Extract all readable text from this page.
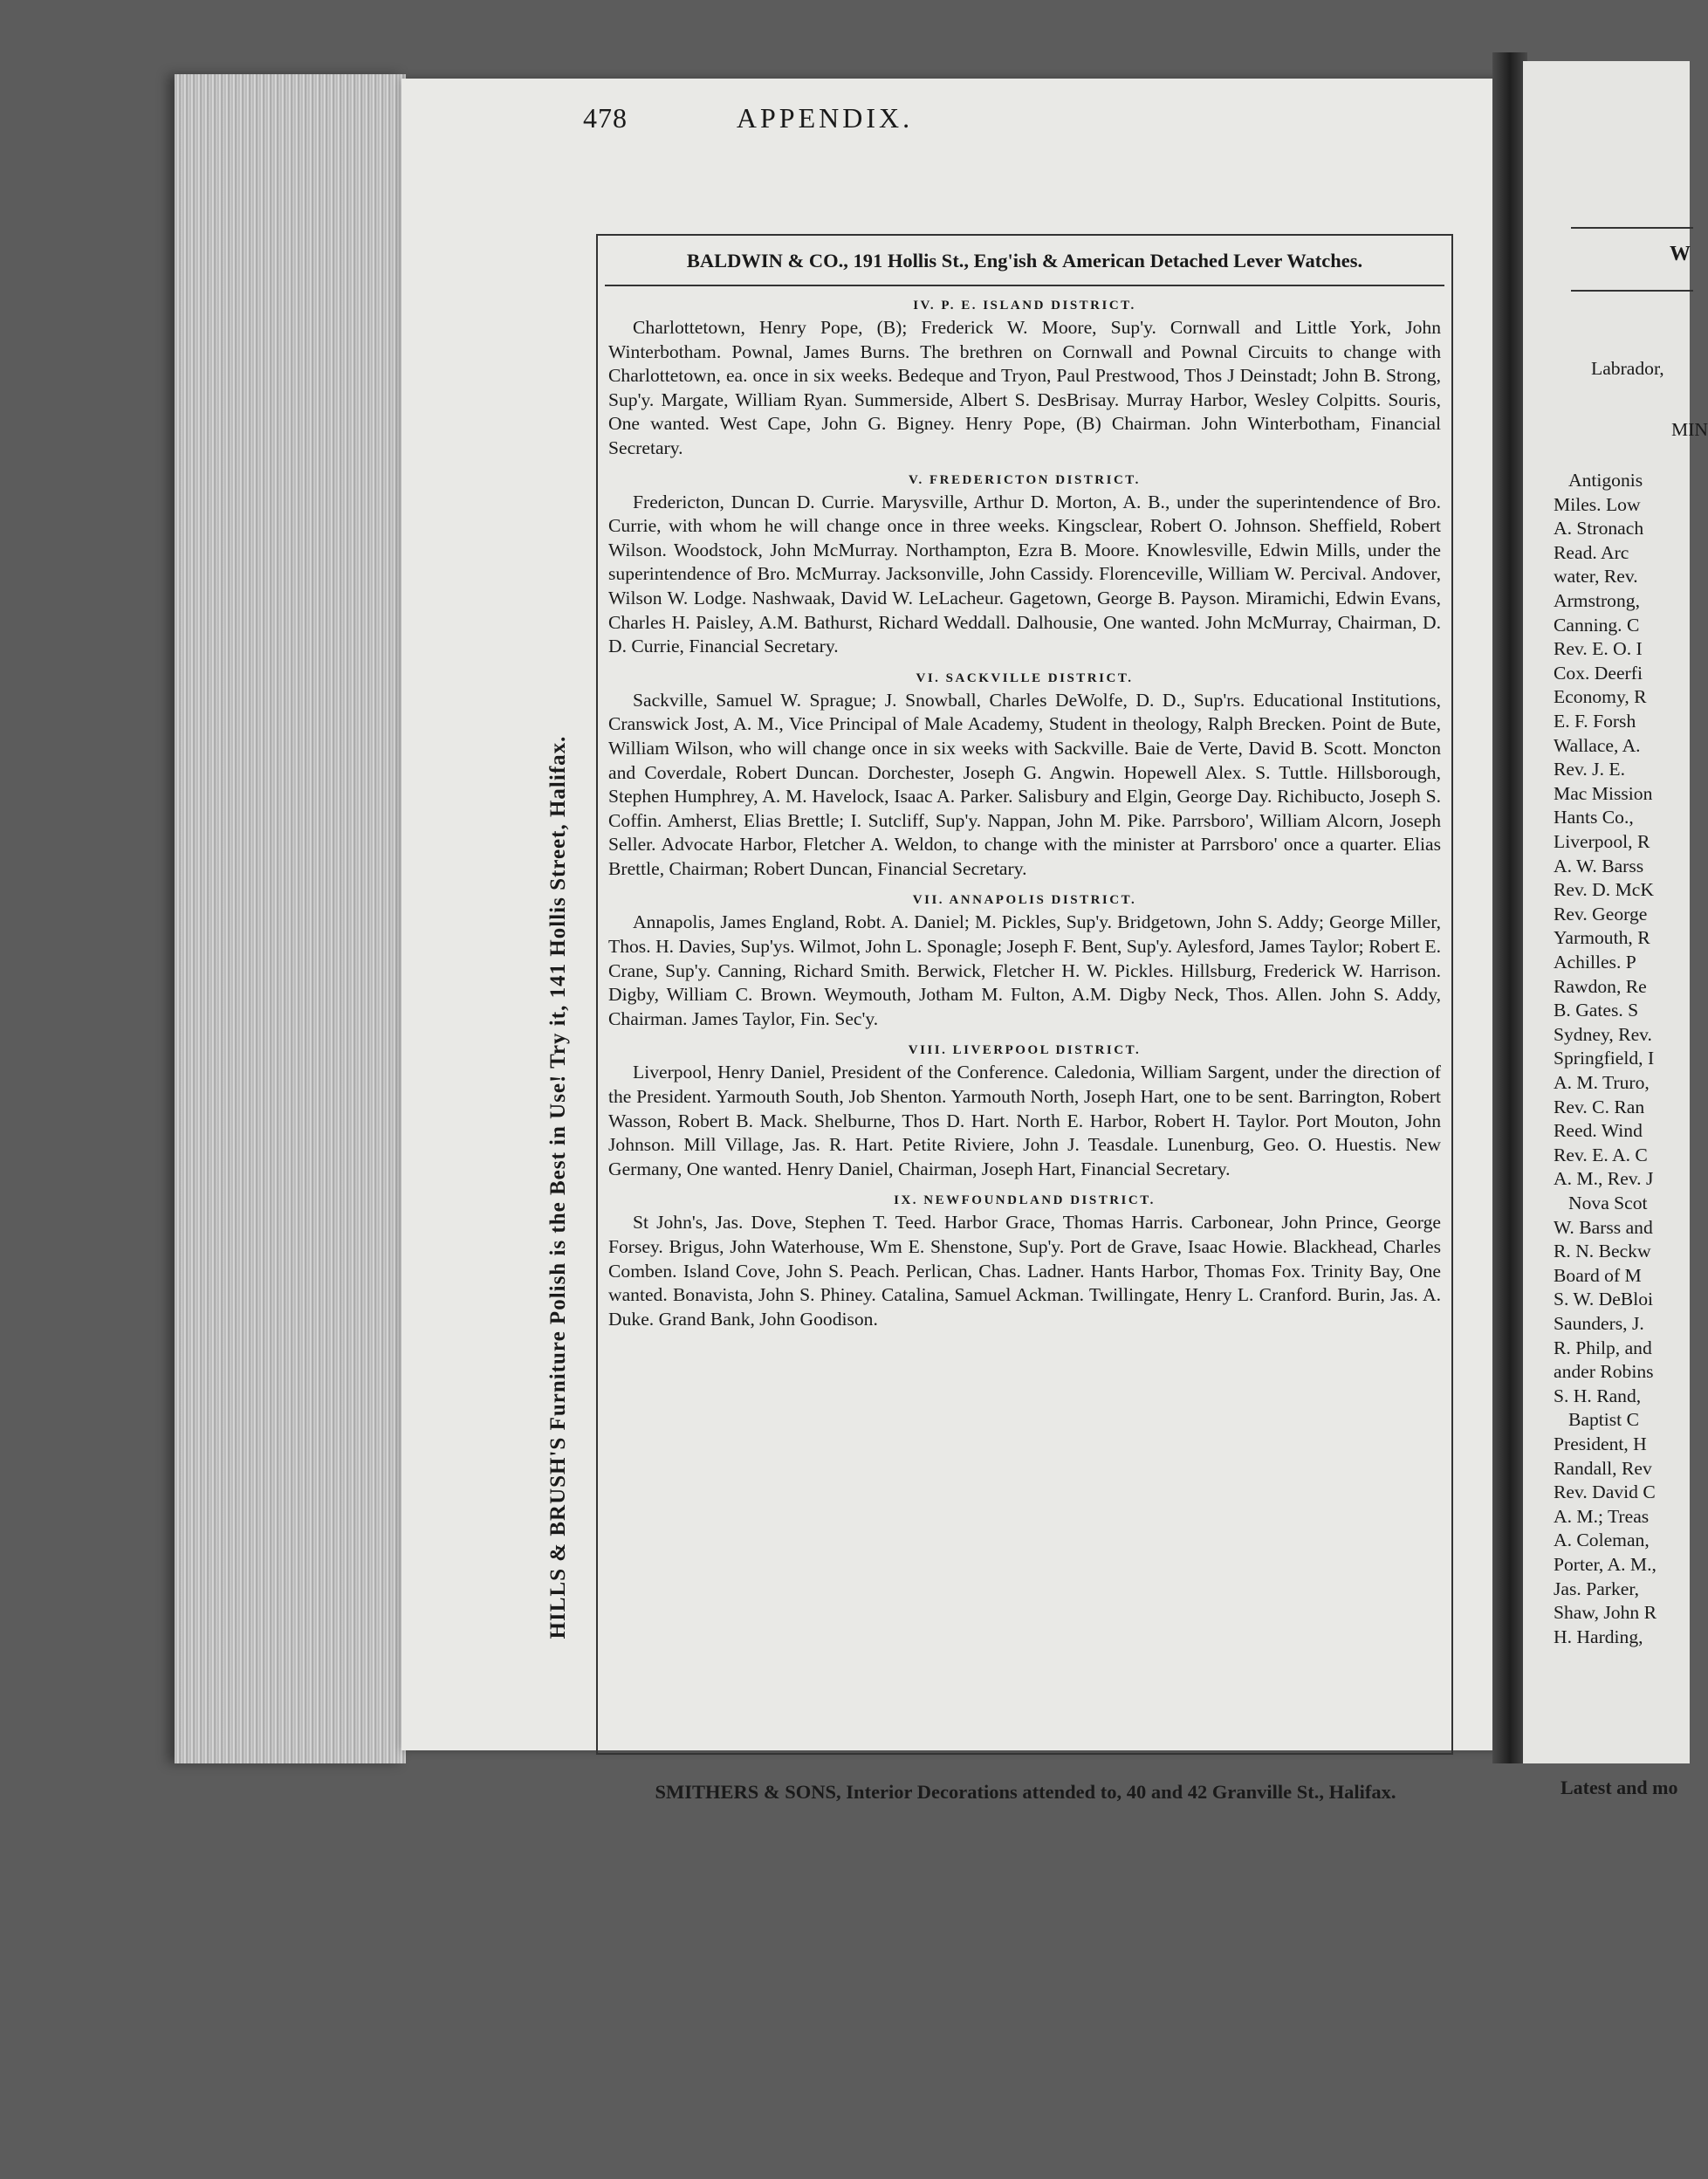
W
Labrador,
MIN
Antigonis
Miles. Low
A. Stronach
Read. Arc
water, Rev.
Armstrong,
Canning. C
Rev. E. O. I
Cox. Deerfi
Economy, R
E. F. Forsh
Wallace, A.
Rev. J. E.
Mac Mission
Hants Co.,
Liverpool, R
A. W. Barss
Rev. D. McK
Rev. George
Yarmouth, R
Achilles. P
Rawdon, Re
B. Gates. S
Sydney, Rev.
Springfield, I
A. M. Truro,
Rev. C. Ran
Reed. Wind
Rev. E. A. C
A. M., Rev. J
Nova Scot
W. Barss and
R. N. Beckw
Board of M
S. W. DeBloi
Saunders, J.
R. Philp, and
ander Robins
S. H. Rand,
Baptist C
President, H
Randall, Rev
Rev. David C
A. M.; Treas
A. Coleman,
Porter, A. M.,
Jas. Parker,
Shaw, John R
H. Harding,
478	APPENDIX.
HILLS & BRUSH'S Furniture Polish is the Best in Use! Try it, 141 Hollis Street, Halifax.
BALDWIN & CO., 191 Hollis St., Eng'ish & American Detached Lever Watches.
IV. P. E. ISLAND DISTRICT.
Charlottetown, Henry Pope, (B); Frederick W. Moore, Sup'y. Cornwall and Little York, John Winterbotham. Pownal, James Burns. The brethren on Cornwall and Pownal Circuits to change with Charlottetown, ea. once in six weeks. Bedeque and Tryon, Paul Prestwood, Thos J Deinstadt; John B. Strong, Sup'y. Margate, William Ryan. Summerside, Albert S. DesBrisay. Murray Harbor, Wesley Colpitts. Souris, One wanted. West Cape, John G. Bigney. Henry Pope, (B) Chairman. John Winterbotham, Financial Secretary.
V. FREDERICTON DISTRICT.
Fredericton, Duncan D. Currie. Marysville, Arthur D. Morton, A. B., under the superintendence of Bro. Currie, with whom he will change once in three weeks. Kingsclear, Robert O. Johnson. Sheffield, Robert Wilson. Woodstock, John McMurray. Northampton, Ezra B. Moore. Knowlesville, Edwin Mills, under the superintendence of Bro. McMurray. Jacksonville, John Cassidy. Florenceville, William W. Percival. Andover, Wilson W. Lodge. Nashwaak, David W. LeLacheur. Gagetown, George B. Payson. Miramichi, Edwin Evans, Charles H. Paisley, A.M. Bathurst, Richard Weddall. Dalhousie, One wanted. John McMurray, Chairman, D. D. Currie, Financial Secretary.
VI. SACKVILLE DISTRICT.
Sackville, Samuel W. Sprague; J. Snowball, Charles DeWolfe, D. D., Sup'rs. Educational Institutions, Cranswick Jost, A. M., Vice Principal of Male Academy, Student in theology, Ralph Brecken. Point de Bute, William Wilson, who will change once in six weeks with Sackville. Baie de Verte, David B. Scott. Moncton and Coverdale, Robert Duncan. Dorchester, Joseph G. Angwin. Hopewell Alex. S. Tuttle. Hillsborough, Stephen Humphrey, A. M. Havelock, Isaac A. Parker. Salisbury and Elgin, George Day. Richibucto, Joseph S. Coffin. Amherst, Elias Brettle; I. Sutcliff, Sup'y. Nappan, John M. Pike. Parrsboro', William Alcorn, Joseph Seller. Advocate Harbor, Fletcher A. Weldon, to change with the minister at Parrsboro' once a quarter. Elias Brettle, Chairman; Robert Duncan, Financial Secretary.
VII. ANNAPOLIS DISTRICT.
Annapolis, James England, Robt. A. Daniel; M. Pickles, Sup'y. Bridgetown, John S. Addy; George Miller, Thos. H. Davies, Sup'ys. Wilmot, John L. Sponagle; Joseph F. Bent, Sup'y. Aylesford, James Taylor; Robert E. Crane, Sup'y. Canning, Richard Smith. Berwick, Fletcher H. W. Pickles. Hillsburg, Frederick W. Harrison. Digby, William C. Brown. Weymouth, Jotham M. Fulton, A.M. Digby Neck, Thos. Allen. John S. Addy, Chairman. James Taylor, Fin. Sec'y.
VIII. LIVERPOOL DISTRICT.
Liverpool, Henry Daniel, President of the Conference. Caledonia, William Sargent, under the direction of the President. Yarmouth South, Job Shenton. Yarmouth North, Joseph Hart, one to be sent. Barrington, Robert Wasson, Robert B. Mack. Shelburne, Thos D. Hart. North E. Harbor, Robert H. Taylor. Port Mouton, John Johnson. Mill Village, Jas. R. Hart. Petite Riviere, John J. Teasdale. Lunenburg, Geo. O. Huestis. New Germany, One wanted. Henry Daniel, Chairman, Joseph Hart, Financial Secretary.
IX. NEWFOUNDLAND DISTRICT.
St John's, Jas. Dove, Stephen T. Teed. Harbor Grace, Thomas Harris. Carbonear, John Prince, George Forsey. Brigus, John Waterhouse, Wm E. Shenstone, Sup'y. Port de Grave, Isaac Howie. Blackhead, Charles Comben. Island Cove, John S. Peach. Perlican, Chas. Ladner. Hants Harbor, Thomas Fox. Trinity Bay, One wanted. Bonavista, John S. Phiney. Catalina, Samuel Ackman. Twillingate, Henry L. Cranford. Burin, Jas. A. Duke. Grand Bank, John Goodison.
SMITHERS & SONS, Interior Decorations attended to, 40 and 42 Granville St., Halifax.	Latest and mo
